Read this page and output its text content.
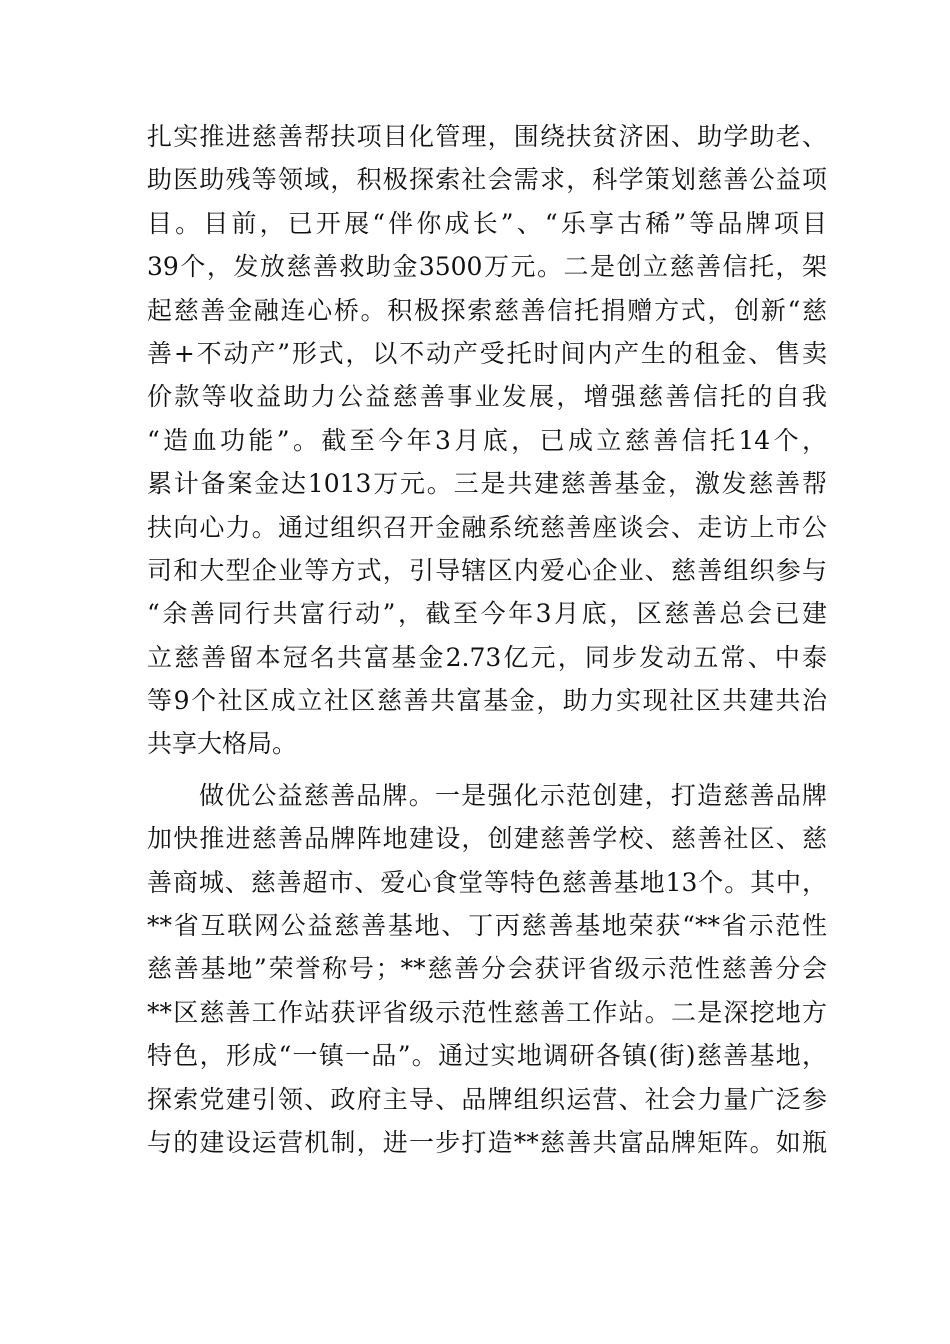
扎实推进慈善帮扶项目化管理，围绕扶贫济困、助学助老、
助医助残等领域，积极探索社会需求，科学策划慈善公益项
目。目前，已开展“伴你成长”、“乐享古稀”等品牌项目
39个，发放慈善救助金3500万元。二是创立慈善信托，架
起慈善金融连心桥。积极探索慈善信托捐赠方式，创新“慈
善+不动产”形式，以不动产受托时间内产生的租金、售卖
价款等收益助力公益慈善事业发展，增强慈善信托的自我
“造血功能”。截至今年3月底，已成立慈善信托14个，
累计备案金达1013万元。三是共建慈善基金，激发慈善帮
扶向心力。通过组织召开金融系统慈善座谈会、走访上市公
司和大型企业等方式，引导辖区内爱心企业、慈善组织参与
“余善同行共富行动”，截至今年3月底，区慈善总会已建
立慈善留本冠名共富基金2.73亿元，同步发动五常、中泰
等9个社区成立社区慈善共富基金，助力实现社区共建共治
共享大格局。
做优公益慈善品牌。一是强化示范创建，打造慈善品牌
加快推进慈善品牌阵地建设，创建慈善学校、慈善社区、慈
善商城、慈善超市、爱心食堂等特色慈善基地13个。其中，
**省互联网公益慈善基地、丁丙慈善基地荣获“**省示范性
慈善基地”荣誉称号；**慈善分会获评省级示范性慈善分会
**区慈善工作站获评省级示范性慈善工作站。二是深挖地方
特色，形成“一镇一品”。通过实地调研各镇(街)慈善基地，
探索党建引领、政府主导、品牌组织运营、社会力量广泛参
与的建设运营机制，进一步打造**慈善共富品牌矩阵。如瓶
